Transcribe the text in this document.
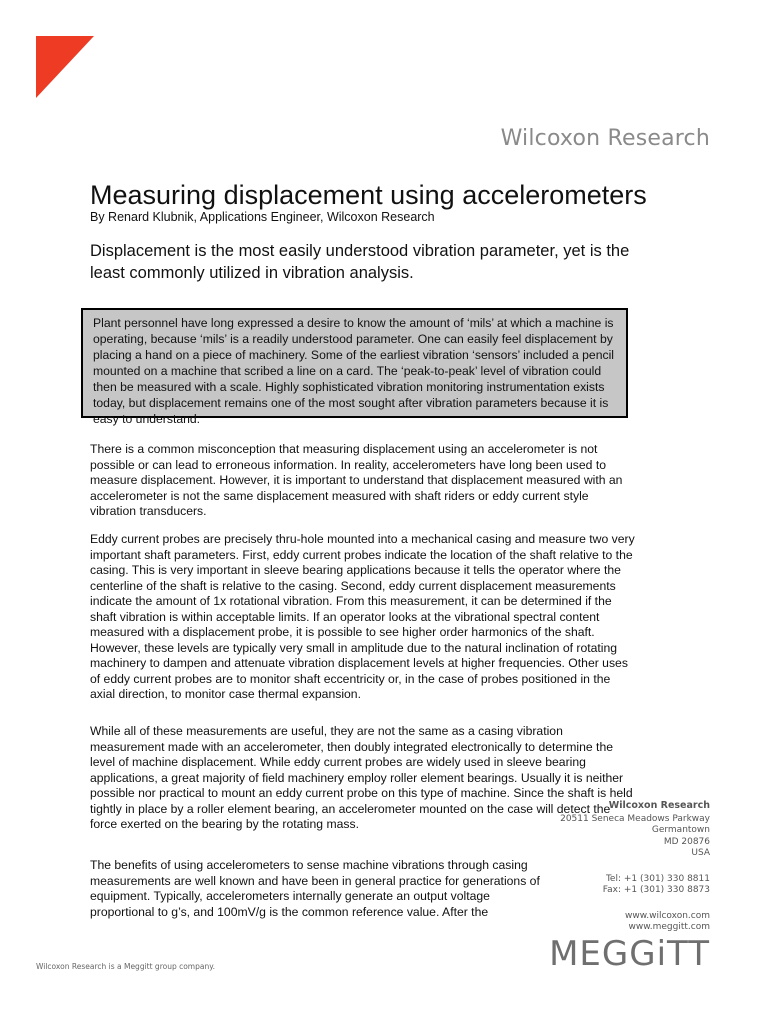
Wilcoxon Research
Measuring displacement using accelerometers
By Renard Klubnik, Applications Engineer, Wilcoxon Research
Displacement is the most easily understood vibration parameter, yet is the least commonly utilized in vibration analysis.
Plant personnel have long expressed a desire to know the amount of ‘mils’ at which a machine is operating, because ‘mils’ is a readily understood parameter. One can easily feel displacement by placing a hand on a piece of machinery. Some of the earliest vibration ‘sensors’ included a pencil mounted on a machine that scribed a line on a card. The ‘peak-to-peak’ level of vibration could then be measured with a scale. Highly sophisticated vibration monitoring instrumentation exists today, but displacement remains one of the most sought after vibration parameters because it is easy to understand.

There is a common misconception that measuring displacement using an accelerometer is not possible or can lead to erroneous information. In reality, accelerometers have long been used to measure displacement. However, it is important to understand that displacement measured with an accelerometer is not the same displacement measured with shaft riders or eddy current style vibration transducers.

Eddy current probes are precisely thru-hole mounted into a mechanical casing and measure two very important shaft parameters. First, eddy current probes indicate the location of the shaft relative to the casing. This is very important in sleeve bearing applications because it tells the operator where the centerline of the shaft is relative to the casing. Second, eddy current displacement measurements indicate the amount of 1x rotational vibration. From this measurement, it can be determined if the shaft vibration is within acceptable limits. If an operator looks at the vibrational spectral content measured with a displacement probe, it is possible to see higher order harmonics of the shaft. However, these levels are typically very small in amplitude due to the natural inclination of rotating machinery to dampen and attenuate vibration displacement levels at higher frequencies. Other uses of eddy current probes are to monitor shaft eccentricity or, in the case of probes positioned in the axial direction, to monitor case thermal expansion.

While all of these measurements are useful, they are not the same as a casing vibration measurement made with an accelerometer, then doubly integrated electronically to determine the level of machine displacement. While eddy current probes are widely used in sleeve bearing applications, a great majority of field machinery employ roller element bearings. Usually it is neither possible nor practical to mount an eddy current probe on this type of machine. Since the shaft is held tightly in place by a roller element bearing, an accelerometer mounted on the case will detect the force exerted on the bearing by the rotating mass.

The benefits of using accelerometers to sense machine vibrations through casing measurements are well known and have been in general practice for generations of equipment. Typically, accelerometers internally generate an output voltage proportional to g’s, and 100mV/g is the common reference value. After the

Wilcoxon Research
20511 Seneca Meadows Parkway
Germantown
MD 20876
USA
Tel: +1 (301) 330 8811
Fax: +1 (301) 330 8873
www.wilcoxon.com
www.meggitt.com
MEGGiTT
Wilcoxon Research is a Meggitt group company.
